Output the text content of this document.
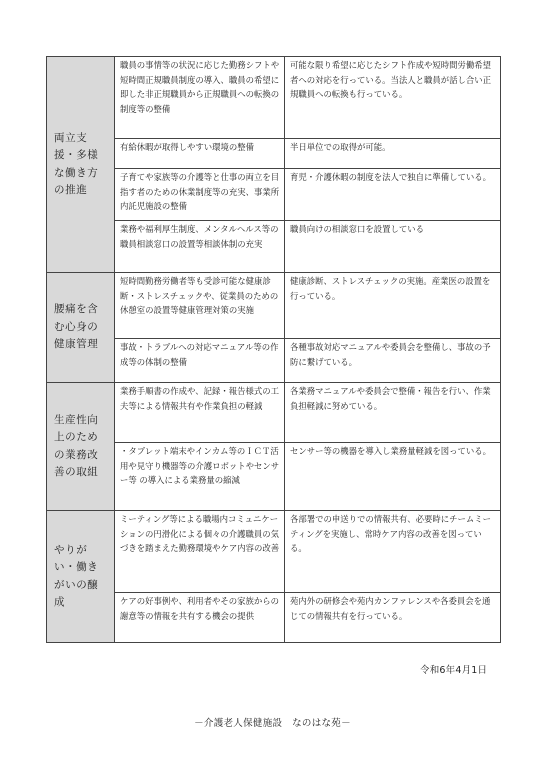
両立支援・多様な働き方の推進	職員の事情等の状況に応じた勤務シフトや短時間正規職員制度の導入、職員の希望に即した非正規職員から正規職員への転換の制度等の整備	可能な限り希望に応じたシフト作成や短時間労働希望者への対応を行っている。当法人と職員が話し合い正規職員への転換も行っている。
	有給休暇が取得しやすい環境の整備	半日単位での取得が可能。
	子育てや家族等の介護等と仕事の両立を目指す者のための休業制度等の充実、事業所内託児施設の整備	育児・介護休暇の制度を法人で独自に準備している。
	業務や福利厚生制度、メンタルヘルス等の職員相談窓口の設置等相談体制の充実	職員向けの相談窓口を設置している
腰痛を含む心身の健康管理	短時間勤務労働者等も受診可能な健康診断・ストレスチェックや、従業員のための休憩室の設置等健康管理対策の実施	健康診断、ストレスチェックの実施。産業医の設置を行っている。
	事故・トラブルへの対応マニュアル等の作成等の体制の整備	各種事故対応マニュアルや委員会を整備し、事故の予防に繋げている。
生産性向上のための業務改善の取組	業務手順書の作成や、記録・報告様式の工夫等による情報共有や作業負担の軽減	各業務マニュアルや委員会で整備・報告を行い、作業負担軽減に努めている。
	・タブレット端末やインカム等のＩＣＴ活用や見守り機器等の介護ロボットやセンサー等 の導入による業務量の縮減	センサー等の機器を導入し業務量軽減を図っている。
やりがい・働きがいの醸成	ミーティング等による職場内コミュニケーションの円滑化による個々の介護職員の気づきを踏まえた勤務環境やケア内容の改善	各部署での申送りでの情報共有、必要時にチームミーティングを実施し、常時ケア内容の改善を図っている。
	ケアの好事例や、利用者やその家族からの謝意等の情報を共有する機会の提供	苑内外の研修会や苑内カンファレンスや各委員会を通じての情報共有を行っている。
令和6年4月1日
－介護老人保健施設　なのはな苑－
